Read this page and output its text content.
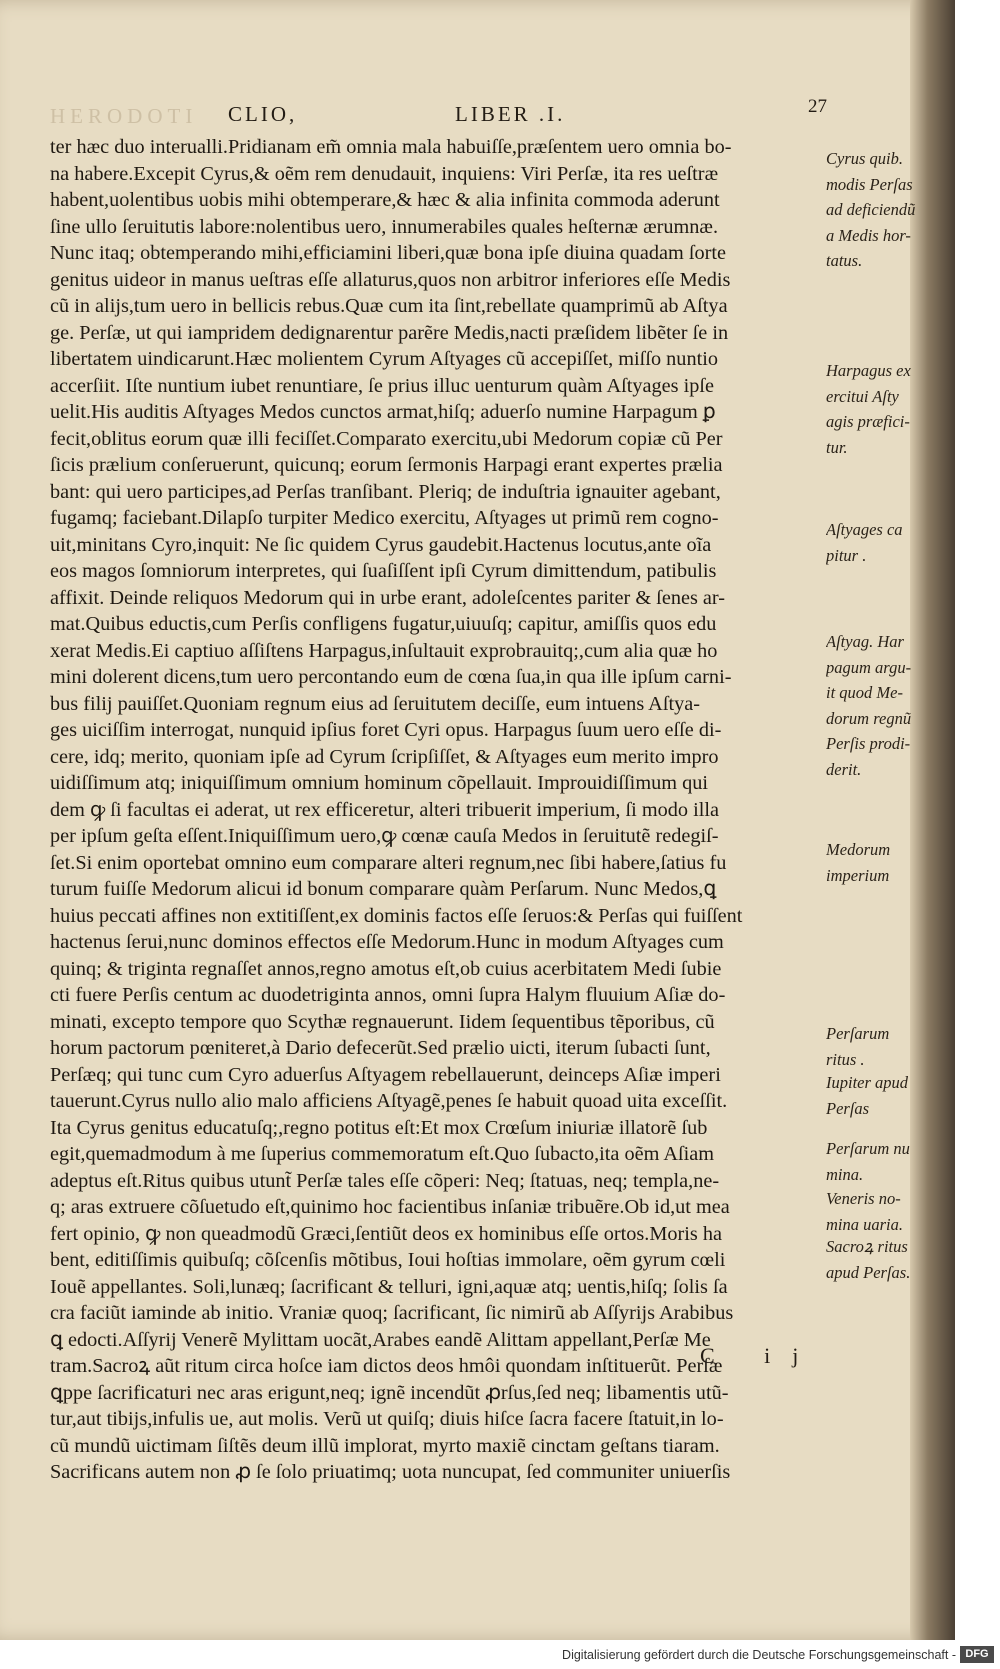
HERODOTI CLIO,	LIBER .I.	27
ter hæc duo interualli.Pridianam em̃ omnia mala habuiſſe,præſentem uero omnia bo-
na habere.Excepit Cyrus,& oẽm rem denudauit, inquiens: Viri Perſæ, ita res ueſtræ
habent,uolentibus uobis mihi obtemperare,& hæc & alia infinita commoda aderunt
ſine ullo ſeruitutis labore:nolentibus uero, innumerabiles quales heſternæ ærumnæ.
Nunc itaq; obtemperando mihi,efficiamini liberi,quæ bona ipſe diuina quadam ſorte
genitus uideor in manus ueſtras eſſe allaturus,quos non arbitror inferiores eſſe Medis
cũ in alijs,tum uero in bellicis rebus.Quæ cum ita ſint,rebellate quamprimũ ab Aſtya
ge. Perſæ, ut qui iampridem dedignarentur parẽre Medis,nacti præſidem libẽter ſe in
libertatem uindicarunt.Hæc molientem Cyrum Aſtyages cũ accepiſſet, miſſo nuntio
accerſiit. Iſte nuntium iubet renuntiare, ſe prius illuc uenturum quàm Aſtyages ipſe
uelit.His auditis Aſtyages Medos cunctos armat,hiſq; aduerſo numine Harpagum ꝑ
fecit,oblitus eorum quæ illi feciſſet.Comparato exercitu,ubi Medorum copiæ cũ Per
ſicis prælium conſeruerunt, quicunq; eorum ſermonis Harpagi erant expertes prælia
bant: qui uero participes,ad Perſas tranſibant. Pleriq; de induſtria ignauiter agebant,
fugamq; faciebant.Dilapſo turpiter Medico exercitu, Aſtyages ut primũ rem cogno-
uit,minitans Cyro,inquit: Ne ſic quidem Cyrus gaudebit.Hactenus locutus,ante oĩa
eos magos ſomniorum interpretes, qui ſuaſiſſent ipſi Cyrum dimittendum, patibulis
affixit. Deinde reliquos Medorum qui in urbe erant, adoleſcentes pariter & ſenes ar-
mat.Quibus eductis,cum Perſis confligens fugatur,uiuuſq; capitur, amiſſis quos edu
xerat Medis.Ei captiuo aſſiſtens Harpagus,inſultauit exprobrauitq;,cum alia quæ ho
mini dolerent dicens,tum uero percontando eum de cœna ſua,in qua ille ipſum carni-
bus filij pauiſſet.Quoniam regnum eius ad ſeruitutem deciſſe, eum intuens Aſtya-
ges uiciſſim interrogat, nunquid ipſius foret Cyri opus. Harpagus ſuum uero eſſe di-
cere, idq; merito, quoniam ipſe ad Cyrum ſcripſiſſet, & Aſtyages eum merito impro
uidiſſimum atq; iniquiſſimum omnium hominum cõpellauit. Improuidiſſimum qui
dem ꝙ ſi facultas ei aderat, ut rex efficeretur, alteri tribuerit imperium, ſi modo illa
per ipſum geſta eſſent.Iniquiſſimum uero,ꝙ cœnæ cauſa Medos in ſeruitutẽ redegiſ-
ſet.Si enim oportebat omnino eum comparare alteri regnum,nec ſibi habere,ſatius fu
turum fuiſſe Medorum alicui id bonum comparare quàm Perſarum. Nunc Medos,ꝗ
huius peccati affines non extitiſſent,ex dominis factos eſſe ſeruos:& Perſas qui fuiſſent
hactenus ſerui,nunc dominos effectos eſſe Medorum.Hunc in modum Aſtyages cum
quinq; & triginta regnaſſet annos,regno amotus eſt,ob cuius acerbitatem Medi ſubie
cti fuere Perſis centum ac duodetriginta annos, omni ſupra Halym fluuium Aſiæ do-
minati, excepto tempore quo Scythæ regnauerunt. Iidem ſequentibus tẽporibus, cũ
horum pactorum pœniteret,à Dario defecerũt.Sed prælio uicti, iterum ſubacti ſunt,
Perſæq; qui tunc cum Cyro aduerſus Aſtyagem rebellauerunt, deinceps Aſiæ imperi
tauerunt.Cyrus nullo alio malo afficiens Aſtyagẽ,penes ſe habuit quoad uita exceſſit.
Ita Cyrus genitus educatuſq;,regno potitus eſt:Et mox Crœſum iniuriæ illatorẽ ſub
egit,quemadmodum à me ſuperius commemoratum eſt.Quo ſubacto,ita oẽm Aſiam
adeptus eſt.Ritus quibus utunt̃ Perſæ tales eſſe cõperi: Neq; ſtatuas, neq; templa,ne-
q; aras extruere cõſuetudo eſt,quinimo hoc facientibus inſaniæ tribuẽre.Ob id,ut mea
fert opinio, ꝙ non queadmodũ Græci,ſentiũt deos ex hominibus eſſe ortos.Moris ha
bent, editiſſimis quibuſq; cõſcenſis mõtibus, Ioui hoſtias immolare, oẽm gyrum cœli
Iouẽ appellantes. Soli,lunæq; ſacrificant & telluri, igni,aquæ atq; uentis,hiſq; ſolis ſa
cra faciũt iaminde ab initio. Vraniæ quoq; ſacrificant, ſic nimirũ ab Aſſyrijs Arabibus
ꝗ edocti.Aſſyrij Venerẽ Mylittam uocãt,Arabes eandẽ Alittam appellant,Perſæ Me
tram.Sacroꝝ aũt ritum circa hoſce iam dictos deos hmôi quondam inſtituerũt. Perſæ
ꝗppe ſacrificaturi nec aras erigunt,neq; ignẽ incendũt ꝓrſus,ſed neq; libamentis utũ-
tur,aut tibijs,infulis ue, aut molis. Verũ ut quiſq; diuis hiſce ſacra facere ſtatuit,in lo-
cũ mundũ uictimam ſiſtẽs deum illũ implorat, myrto maxiẽ cinctam geſtans tiaram.
Sacrificans autem non ꝓ ſe ſolo priuatimq; uota nuncupat, ſed communiter uniuerſis
Cyrus quib.
modis Perſas
ad deficiendũ
a Medis hor-
tatus.
Harpagus ex
ercitui Aſty
agis præfici-
tur.
Aſtyages ca
pitur .
Aſtyag. Har
pagum argu-
it quod Me-
dorum regnũ
Perſis prodi-
derit.
Medorum
imperium
Perſarum
ritus .
Iupiter apud
Perſas
Perſarum nu
mina.
Veneris no-
mina uaria.
Sacroꝝ ritus
apud Perſas.
C ij
Digitalisierung gefördert durch die Deutsche Forschungsgemeinschaft - DFG
